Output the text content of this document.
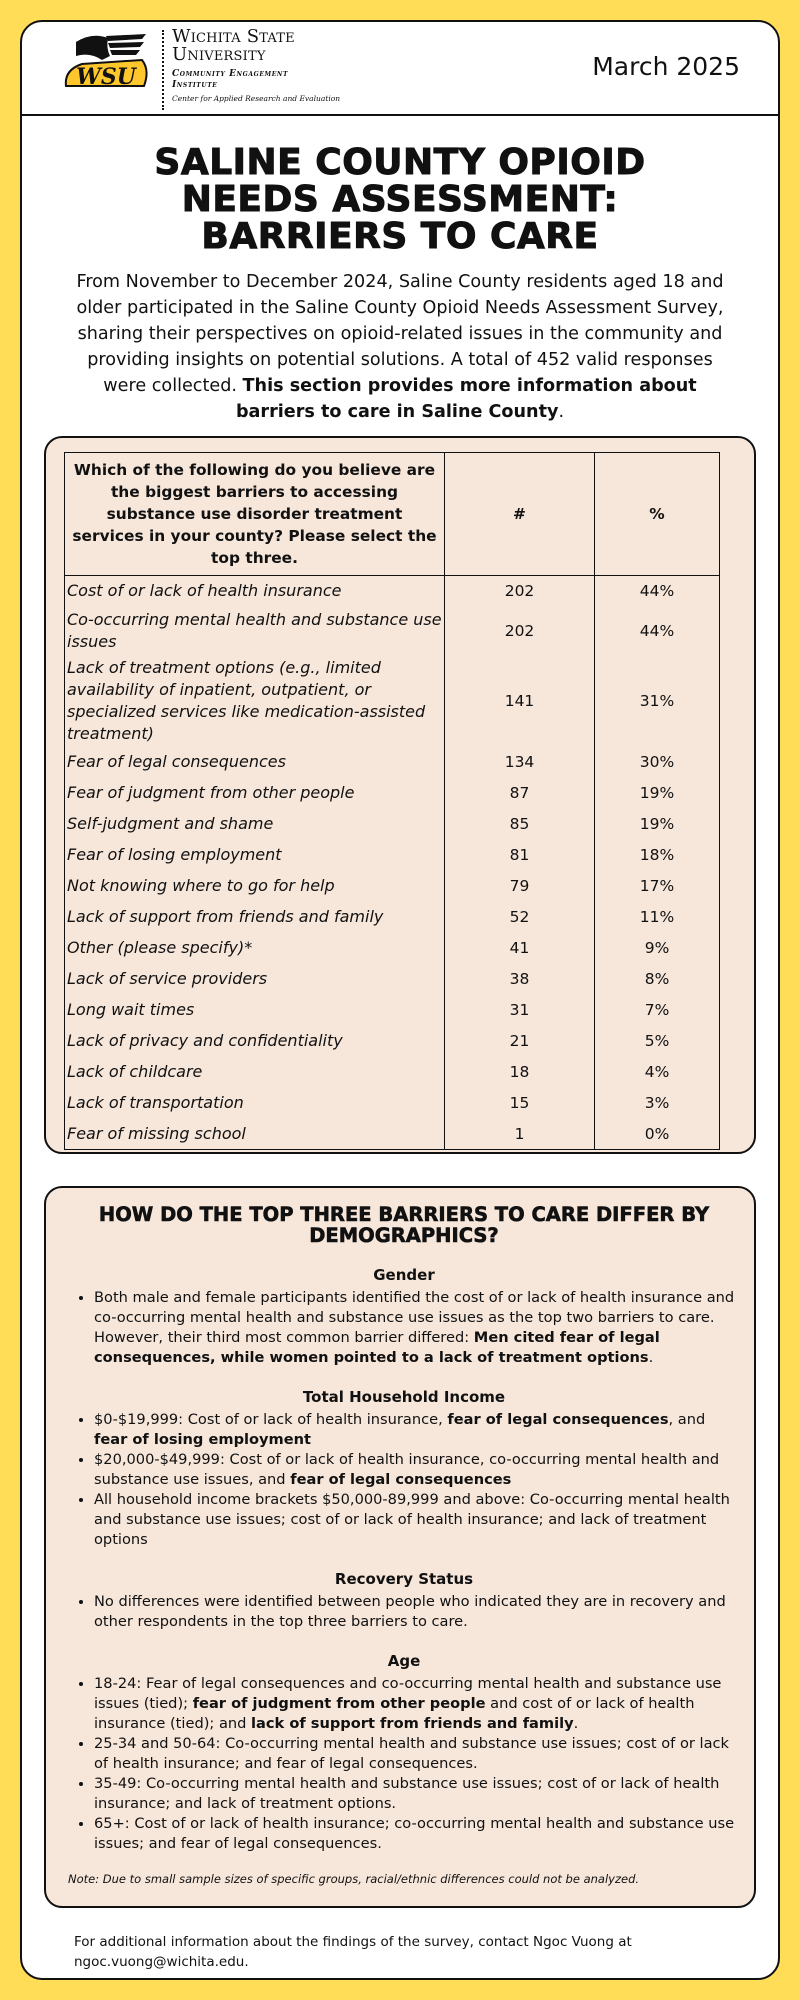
WSU
Wichita State
University
Community Engagement Institute
Center for Applied Research and Evaluation
March 2025
SALINE COUNTY OPIOID NEEDS ASSESSMENT: BARRIERS TO CARE

From November to December 2024, Saline County residents aged 18 and older participated in the Saline County Opioid Needs Assessment Survey, sharing their perspectives on opioid-related issues in the community and providing insights on potential solutions. A total of 452 valid responses were collected. This section provides more information about barriers to care in Saline County.

Which of the following do you believe are the biggest barriers to accessing substance use disorder treatment services in your county? Please select the top three.	#	%
Cost of or lack of health insurance	202	44%
Co-occurring mental health and substance use issues	202	44%
Lack of treatment options (e.g., limited availability of inpatient, outpatient, or specialized services like medication-assisted treatment)	141	31%
Fear of legal consequences	134	30%
Fear of judgment from other people	87	19%
Self-judgment and shame	85	19%
Fear of losing employment	81	18%
Not knowing where to go for help	79	17%
Lack of support from friends and family	52	11%
Other (please specify)*	41	9%
Lack of service providers	38	8%
Long wait times	31	7%
Lack of privacy and confidentiality	21	5%
Lack of childcare	18	4%
Lack of transportation	15	3%
Fear of missing school	1	0%
HOW DO THE TOP THREE BARRIERS TO CARE DIFFER BY DEMOGRAPHICS?
Gender
• Both male and female participants identified the cost of or lack of health insurance and co-occurring mental health and substance use issues as the top two barriers to care. However, their third most common barrier differed: Men cited fear of legal consequences, while women pointed to a lack of treatment options.
Total Household Income
• $0-$19,999: Cost of or lack of health insurance, fear of legal consequences, and fear of losing employment
• $20,000-$49,999: Cost of or lack of health insurance, co-occurring mental health and substance use issues, and fear of legal consequences
• All household income brackets $50,000-89,999 and above: Co-occurring mental health and substance use issues; cost of or lack of health insurance; and lack of treatment options
Recovery Status
• No differences were identified between people who indicated they are in recovery and other respondents in the top three barriers to care.
Age
• 18-24: Fear of legal consequences and co-occurring mental health and substance use issues (tied); fear of judgment from other people and cost of or lack of health insurance (tied); and lack of support from friends and family.
• 25-34 and 50-64: Co-occurring mental health and substance use issues; cost of or lack of health insurance; and fear of legal consequences.
• 35-49: Co-occurring mental health and substance use issues; cost of or lack of health insurance; and lack of treatment options.
• 65+: Cost of or lack of health insurance; co-occurring mental health and substance use issues; and fear of legal consequences.

Note: Due to small sample sizes of specific groups, racial/ethnic differences could not be analyzed.

For additional information about the findings of the survey, contact Ngoc Vuong at ngoc.vuong@wichita.edu.
